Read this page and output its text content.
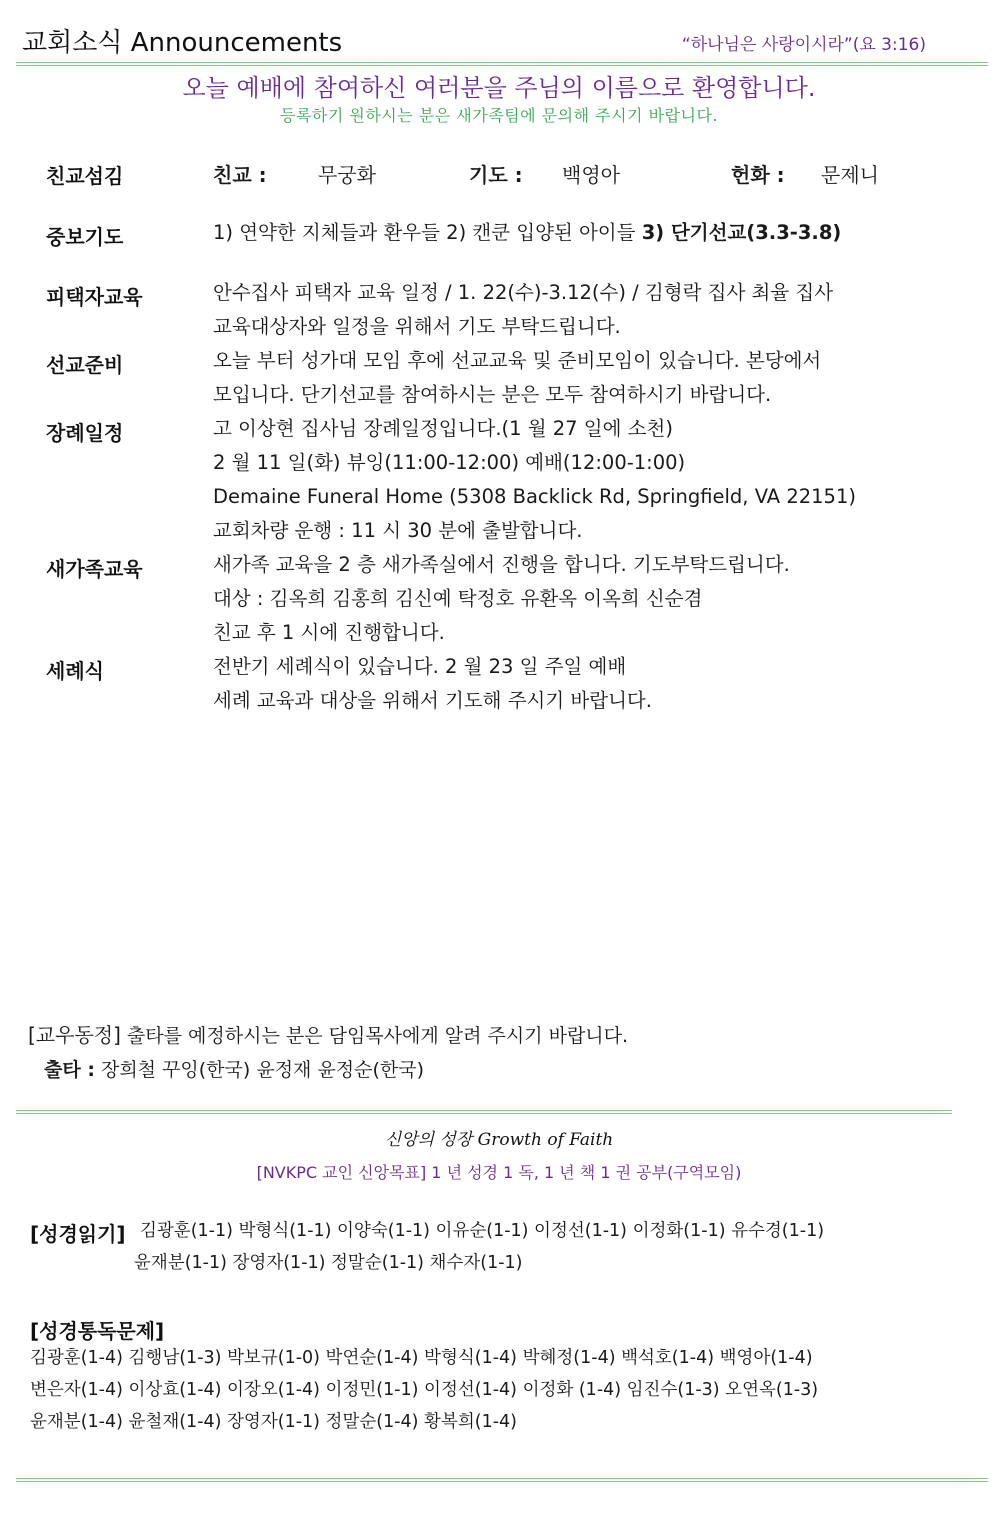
교회소식 Announcements	“하나님은 사랑이시라”(요 3:16)
오늘 예배에 참여하신 여러분을 주님의 이름으로 환영합니다.
등록하기 원하시는 분은 새가족팀에 문의해 주시기 바랍니다.
친교섬김	친교 :	무궁화	기도 : 백영아	헌화 : 문제니
중보기도	1) 연약한 지체들과 환우들 2) 캔쿤 입양된 아이들 3) 단기선교(3.3-3.8)
피택자교육	안수집사 피택자 교육 일정 / 1. 22(수)-3.12(수) / 김형락 집사 최율 집사
교육대상자와 일정을 위해서 기도 부탁드립니다.
선교준비	오늘 부터 성가대 모임 후에 선교교육 및 준비모임이 있습니다. 본당에서
모입니다. 단기선교를 참여하시는 분은 모두 참여하시기 바랍니다.
장례일정	고 이상현 집사님 장례일정입니다.(1 월 27 일에 소천)
2 월 11 일(화) 뷰잉(11:00-12:00) 예배(12:00-1:00)
Demaine Funeral Home (5308 Backlick Rd, Springfield, VA 22151)
교회차량 운행 : 11 시 30 분에 출발합니다.
새가족교육	새가족 교육을 2 층 새가족실에서 진행을 합니다. 기도부탁드립니다.
대상 : 김옥희 김홍희 김신예 탁정호 유환옥 이옥희 신순겸
친교 후 1 시에 진행합니다.
세례식	전반기 세례식이 있습니다. 2 월 23 일 주일 예배
세례 교육과 대상을 위해서 기도해 주시기 바랍니다.
[교우동정] 출타를 예정하시는 분은 담임목사에게 알려 주시기 바랍니다.
출타 : 장희철 꾸잉(한국) 윤정재 윤정순(한국)
신앙의 성장 Growth of Faith
[NVKPC 교인 신앙목표] 1 년 성경 1 독, 1 년 책 1 권 공부(구역모임)
[성경읽기] 김광훈(1-1) 박형식(1-1) 이양숙(1-1) 이유순(1-1) 이정선(1-1) 이정화(1-1) 유수경(1-1)
윤재분(1-1) 장영자(1-1) 정말순(1-1) 채수자(1-1)
[성경통독문제]
김광훈(1-4) 김행남(1-3) 박보규(1-0) 박연순(1-4) 박형식(1-4) 박혜정(1-4) 백석호(1-4) 백영아(1-4)
변은자(1-4) 이상효(1-4) 이장오(1-4) 이정민(1-1) 이정선(1-4) 이정화 (1-4) 임진수(1-3) 오연옥(1-3)
윤재분(1-4) 윤철재(1-4) 장영자(1-1) 정말순(1-4) 황복희(1-4)
